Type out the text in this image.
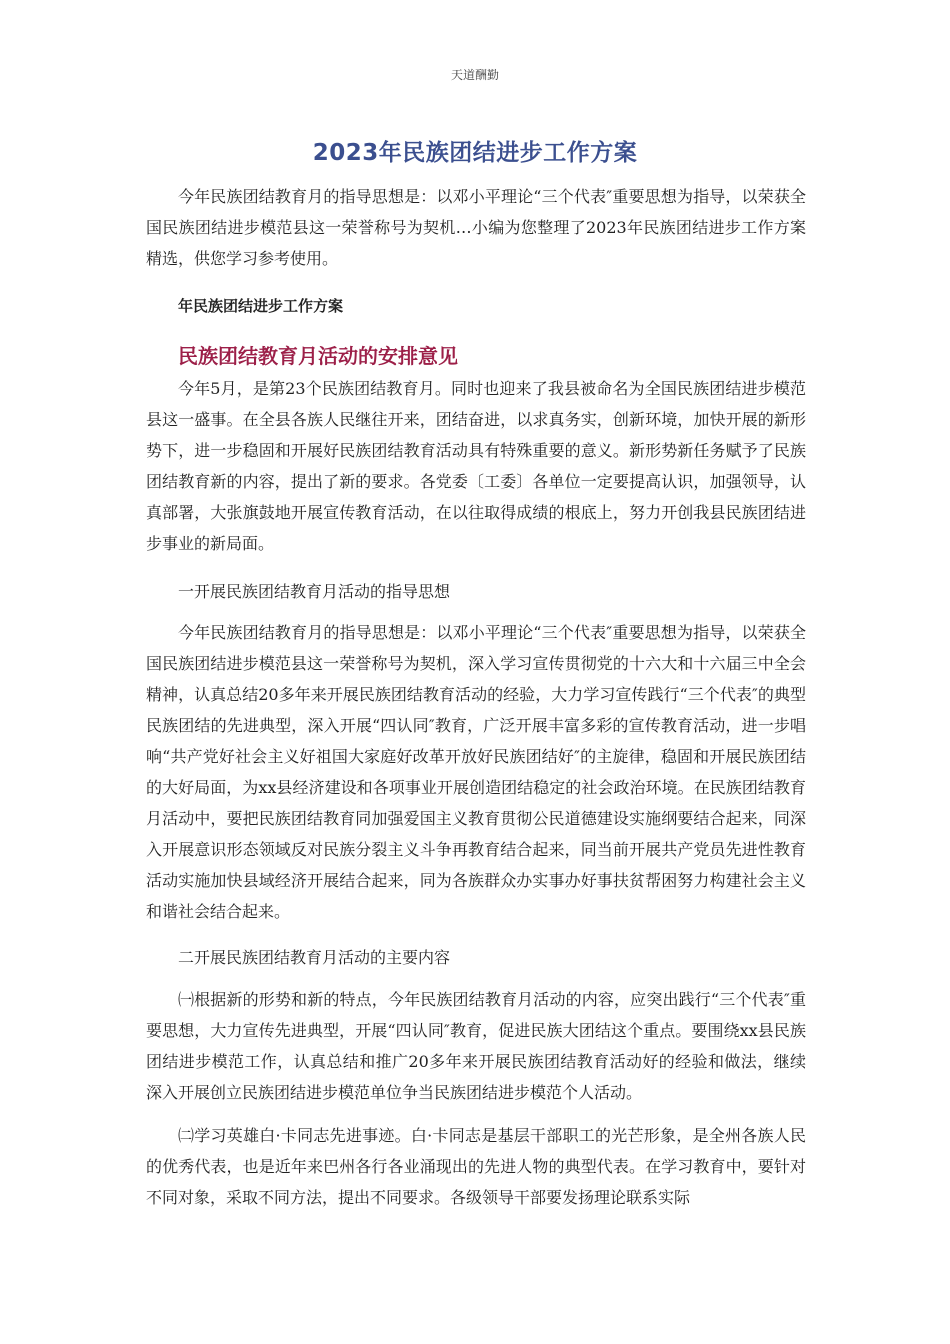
天道酬勤
2023年民族团结进步工作方案

今年民族团结教育月的指导思想是：以邓小平理论“三个代表″重要思想为指导，以荣获全国民族团结进步模范县这一荣誉称号为契机…小编为您整理了2023年民族团结进步工作方案精选，供您学习参考使用。

年民族团结进步工作方案
民族团结教育月活动的安排意见

今年5月，是第23个民族团结教育月。同时也迎来了我县被命名为全国民族团结进步模范县这一盛事。在全县各族人民继往开来，团结奋进，以求真务实，创新环境，加快开展的新形势下，进一步稳固和开展好民族团结教育活动具有特殊重要的意义。新形势新任务赋予了民族团结教育新的内容，提出了新的要求。各党委〔工委〕各单位一定要提高认识，加强领导，认真部署，大张旗鼓地开展宣传教育活动，在以往取得成绩的根底上，努力开创我县民族团结进步事业的新局面。

一开展民族团结教育月活动的指导思想

今年民族团结教育月的指导思想是：以邓小平理论“三个代表″重要思想为指导，以荣获全国民族团结进步模范县这一荣誉称号为契机，深入学习宣传贯彻党的十六大和十六届三中全会精神，认真总结20多年来开展民族团结教育活动的经验，大力学习宣传践行“三个代表″的典型民族团结的先进典型，深入开展“四认同″教育，广泛开展丰富多彩的宣传教育活动，进一步唱响“共产党好社会主义好祖国大家庭好改革开放好民族团结好″的主旋律，稳固和开展民族团结的大好局面，为xx县经济建设和各项事业开展创造团结稳定的社会政治环境。在民族团结教育月活动中，要把民族团结教育同加强爱国主义教育贯彻公民道德建设实施纲要结合起来，同深入开展意识形态领域反对民族分裂主义斗争再教育结合起来，同当前开展共产党员先进性教育活动实施加快县域经济开展结合起来，同为各族群众办实事办好事扶贫帮困努力构建社会主义和谐社会结合起来。

二开展民族团结教育月活动的主要内容

㈠根据新的形势和新的特点，今年民族团结教育月活动的内容，应突出践行“三个代表″重要思想，大力宣传先进典型，开展“四认同″教育，促进民族大团结这个重点。要围绕xx县民族团结进步模范工作，认真总结和推广20多年来开展民族团结教育活动好的经验和做法，继续深入开展创立民族团结进步模范单位争当民族团结进步模范个人活动。

㈡学习英雄白·卡同志先进事迹。白·卡同志是基层干部职工的光芒形象，是全州各族人民的优秀代表，也是近年来巴州各行各业涌现出的先进人物的典型代表。在学习教育中，要针对不同对象，采取不同方法，提出不同要求。各级领导干部要发扬理论联系实际
